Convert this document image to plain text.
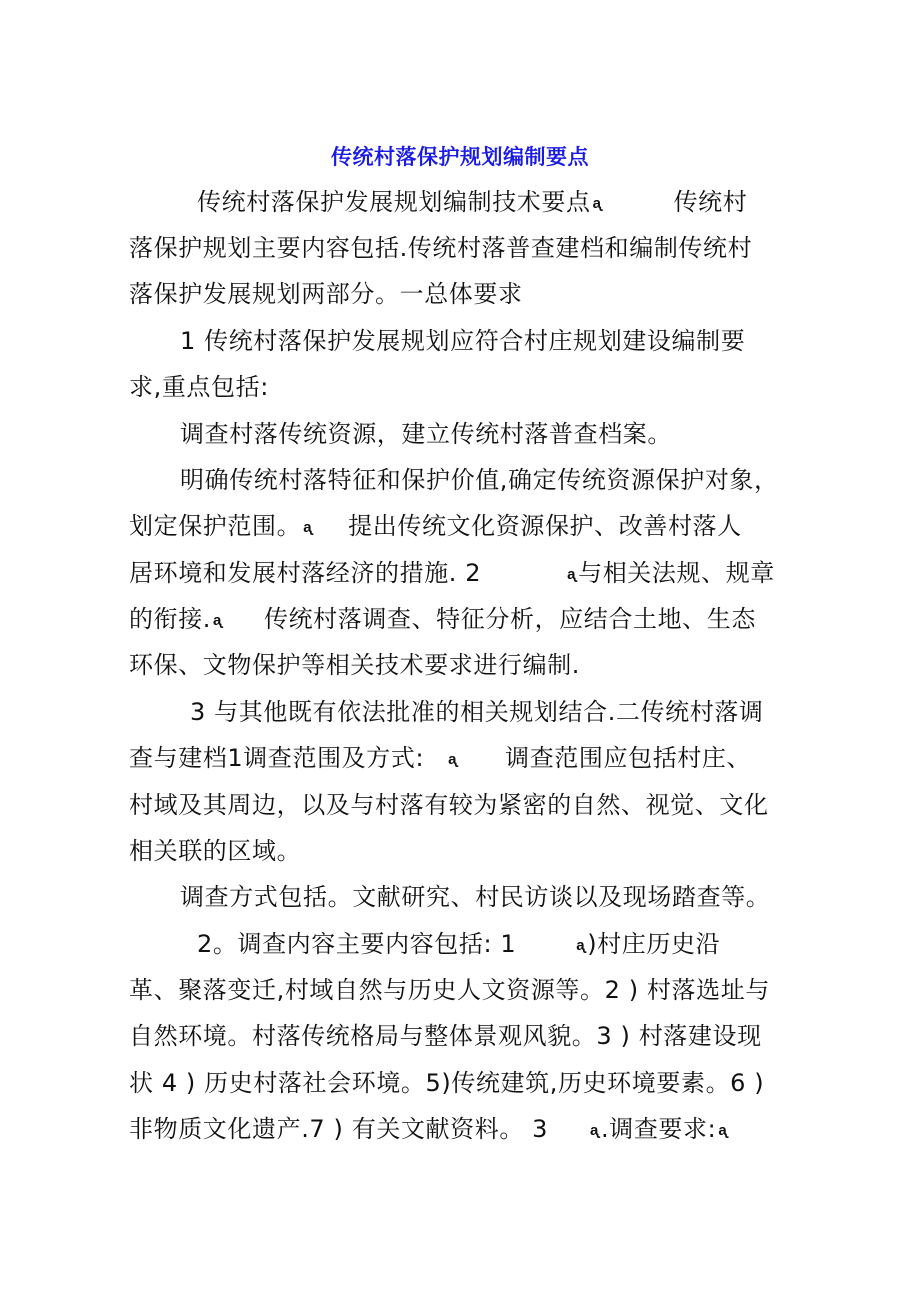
传统村落保护规划编制要点
传统村落保护发展规划编制技术要点 ᶏ	传统村
落保护规划主要内容包括.传统村落普查建档和编制传统村
落保护发展规划两部分。一总体要求
1 传统村落保护发展规划应符合村庄规划建设编制要
求,重点包括:
调查村落传统资源，建立传统村落普查档案。
明确传统村落特征和保护价值,确定传统资源保护对象，
划定保护范围。 ᶏ 提出传统文化资源保护、改善村落人
居环境和发展村落经济的措施. 2	ᶏ与相关法规、规章
的衔接. ᶏ 传统村落调查、特征分析，应结合土地、生态
环保、文物保护等相关技术要求进行编制.
3 与其他既有依法批准的相关规划结合.二传统村落调
查与建档1调查范围及方式: ᶏ 调查范围应包括村庄、
村域及其周边，以及与村落有较为紧密的自然、视觉、文化
相关联的区域。
调查方式包括。文献研究、村民访谈以及现场踏查等。
2。调查内容主要内容包括: 1	ᶏ)村庄历史沿
革、聚落变迁,村域自然与历史人文资源等。2 ) 村落选址与
自然环境。村落传统格局与整体景观风貌。3 ) 村落建设现
状 4 ) 历史村落社会环境。5)传统建筑,历史环境要素。6 )
非物质文化遗产.7 ) 有关文献资料。 3	ᶏ.调查要求: ᶏ
